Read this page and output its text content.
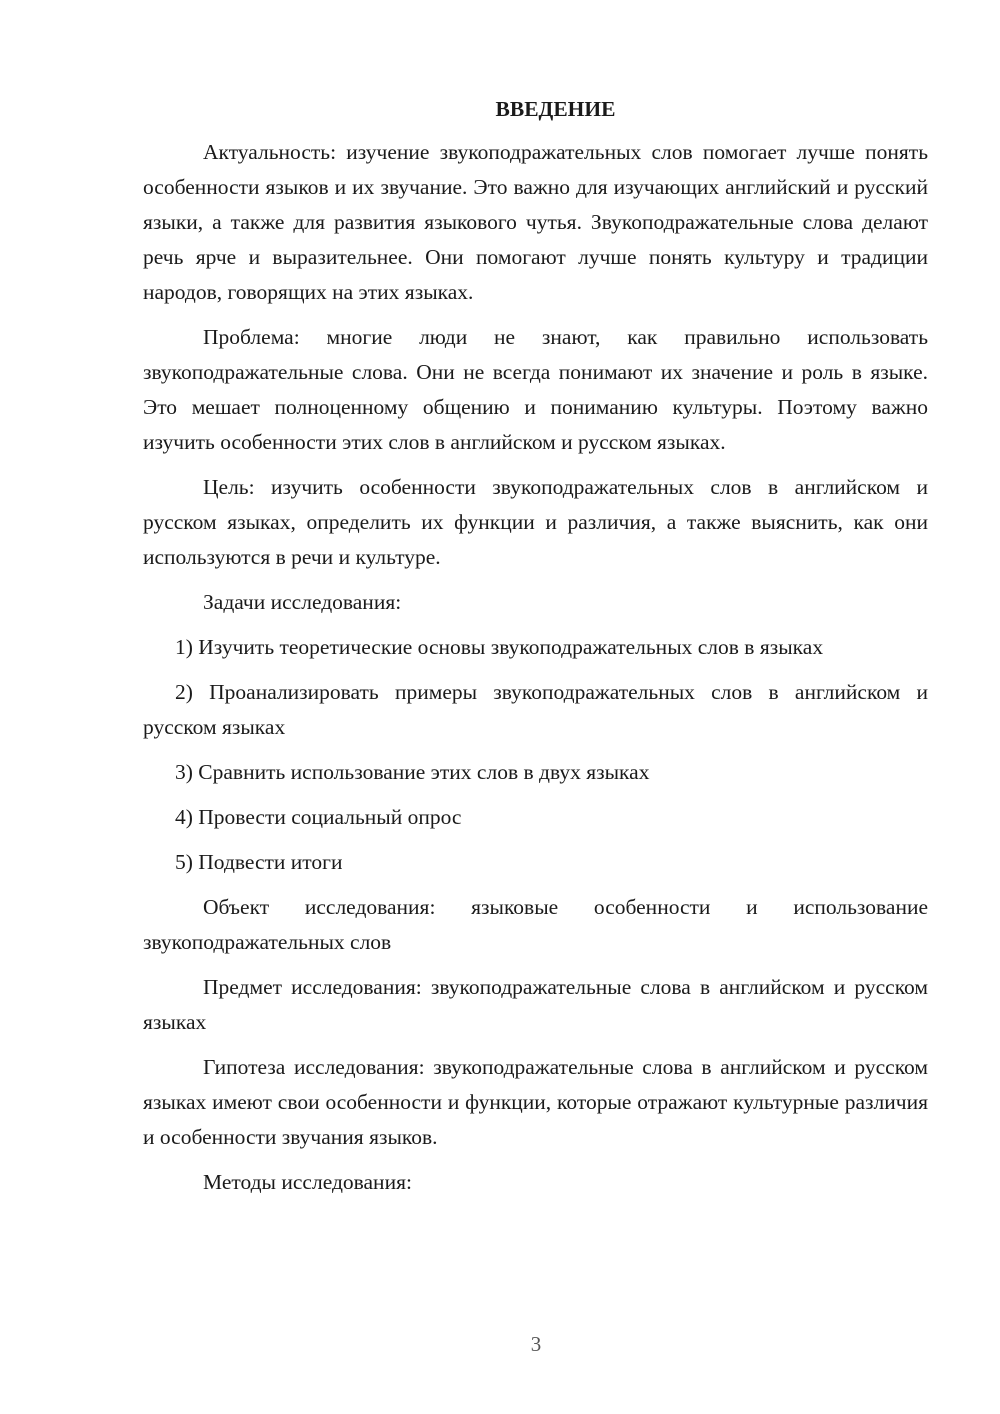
ВВЕДЕНИЕ

Актуальность: изучение звукоподражательных слов помогает лучше понять особенности языков и их звучание. Это важно для изучающих английский и русский языки, а также для развития языкового чутья. Звукоподражательные слова делают речь ярче и выразительнее. Они помогают лучше понять культуру и традиции народов, говорящих на этих языках.

Проблема: многие люди не знают, как правильно использовать звукоподражательные слова. Они не всегда понимают их значение и роль в языке. Это мешает полноценному общению и пониманию культуры. Поэтому важно изучить особенности этих слов в английском и русском языках.

Цель: изучить особенности звукоподражательных слов в английском и русском языках, определить их функции и различия, а также выяснить, как они используются в речи и культуре.

Задачи исследования:

1) Изучить теоретические основы звукоподражательных слов в языках

2) Проанализировать примеры звукоподражательных слов в английском и русском языках

3) Сравнить использование этих слов в двух языках

4) Провести социальный опрос

5) Подвести итоги

Объект исследования: языковые особенности и использование звукоподражательных слов

Предмет исследования: звукоподражательные слова в английском и русском языках

Гипотеза исследования: звукоподражательные слова в английском и русском языках имеют свои особенности и функции, которые отражают культурные различия и особенности звучания языков.

Методы исследования:

3
